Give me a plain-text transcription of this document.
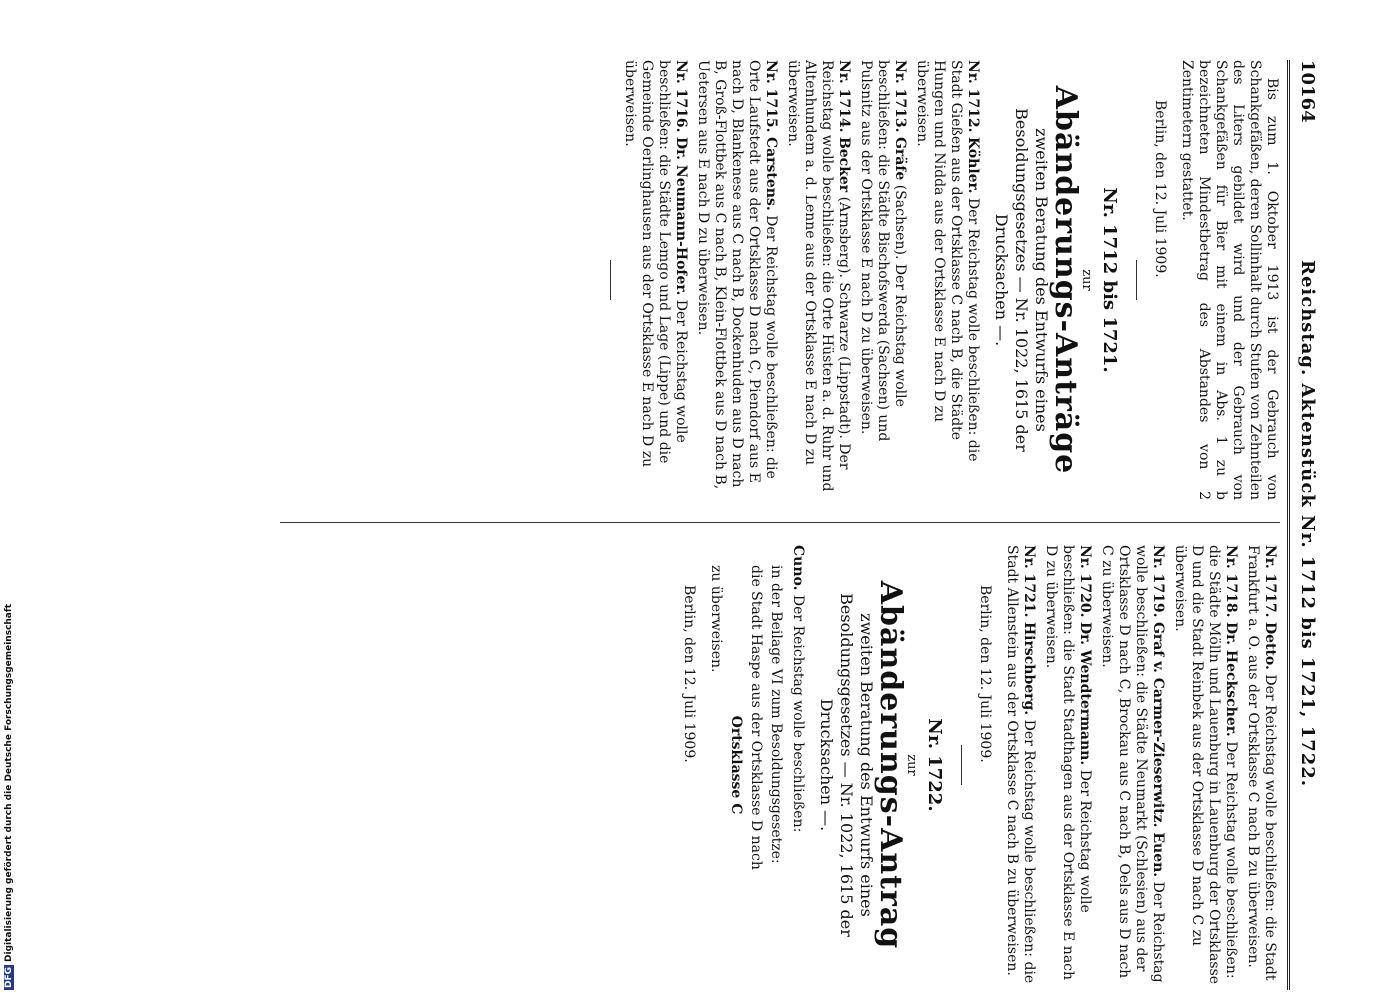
10164
Reichstag. Aktenstück Nr. 1712 bis 1721, 1722.

Bis zum 1. Oktober 1913 ist der Gebrauch von Schankgefäßen, deren Sollinhalt durch Stufen von Zehnteilen des Liters gebildet wird und der Gebrauch von Schankgefäßen für Bier mit einem in Abs. 1 zu b bezeichneten Mindestbetrag des Abstandes von 2 Zentimetern gestattet.

Berlin, den 12. Juli 1909.

Nr. 1712 bis 1721.
zur
Abänderungs-Anträge
zweiten Beratung des Entwurfs eines Besoldungsgesetzes — Nr. 1022, 1615 der Drucksachen —.
Nr. 1712. Köhler. Der Reichstag wolle beschließen: die Stadt Gießen aus der Ortsklasse C nach B, die Städte Hungen und Nidda aus der Ortsklasse E nach D zu überweisen.
Nr. 1713. Gräfe (Sachsen). Der Reichstag wolle beschließen: die Städte Bischofswerda (Sachsen) und Pulsnitz aus der Ortsklasse E nach D zu überweisen.
Nr. 1714. Becker (Arnsberg). Schwarze (Lippstadt). Der Reichstag wolle beschließen: die Orte Hüsten a. d. Ruhr und Altenhundem a. d. Lenne aus der Ortsklasse E nach D zu überweisen.
Nr. 1715. Carstens. Der Reichstag wolle beschließen: die Orte Laufstedt aus der Ortsklasse D nach C, Piendorf aus E nach D, Blankenese aus C nach B, Dockenhuden aus D nach B, Groß-Flottbek aus C nach B, Klein-Flottbek aus D nach B, Uetersen aus E nach D zu überweisen.
Nr. 1716. Dr. Neumann-Hofer. Der Reichstag wolle beschließen: die Städte Lemgo und Lage (Lippe) und die Gemeinde Oerlinghausen aus der Ortsklasse E nach D zu überweisen.
Nr. 1717. Detto. Der Reichstag wolle beschließen: die Stadt Frankfurt a. O. aus der Ortsklasse C nach B zu überweisen.
Nr. 1718. Dr. Heckscher. Der Reichstag wolle beschließen: die Städte Mölln und Lauenburg in Lauenburg der Ortsklasse D und die Stadt Reinbek aus der Ortsklasse D nach C zu überweisen.
Nr. 1719. Graf v. Carmer-Zieserwitz. Euen. Der Reichstag wolle beschließen: die Städte Neumarkt (Schlesien) aus der Ortsklasse D nach C, Brockau aus C nach B, Oels aus D nach C zu überweisen.
Nr. 1720. Dr. Wendtermann. Der Reichstag wolle beschließen: die Stadt Stadthagen aus der Ortsklasse E nach D zu überweisen.
Nr. 1721. Hirschberg. Der Reichstag wolle beschließen: die Stadt Allenstein aus der Ortsklasse C nach B zu überweisen.

Berlin, den 12. Juli 1909.

Nr. 1722.
zur
Abänderungs-Antrag
zweiten Beratung des Entwurfs eines Besoldungsgesetzes — Nr. 1022, 1615 der Drucksachen —.
Cuno. Der Reichstag wolle beschließen:

in der Beilage VI zum Besoldungsgesetze:

die Stadt Haspe aus der Ortsklasse D nach

Ortsklasse C

zu überweisen.

Berlin, den 12. Juli 1909.

DFGDigitalisierung gefördert durch die Deutsche Forschungsgemeinschaft
